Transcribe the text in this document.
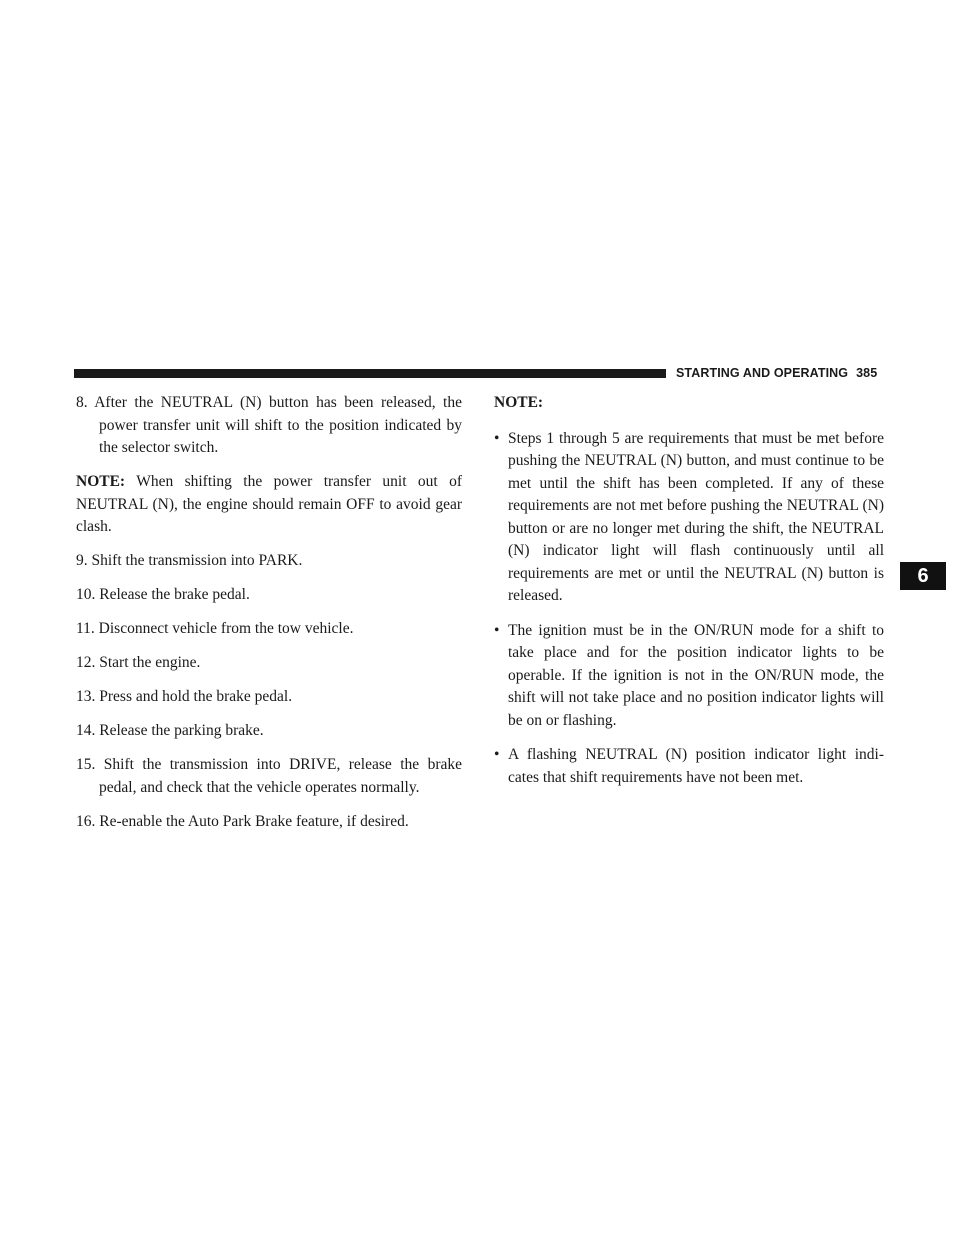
STARTING AND OPERATING 385
6

8. After the NEUTRAL (N) button has been released, the power transfer unit will shift to the position indicated by the selector switch.

NOTE: When shifting the power transfer unit out of NEUTRAL (N), the engine should remain OFF to avoid gear clash.

9. Shift the transmission into PARK.

10. Release the brake pedal.

11. Disconnect vehicle from the tow vehicle.

12. Start the engine.

13. Press and hold the brake pedal.

14. Release the parking brake.

15. Shift the transmission into DRIVE, release the brake pedal, and check that the vehicle operates normally.

16. Re-enable the Auto Park Brake feature, if desired.

NOTE:

• Steps 1 through 5 are requirements that must be met before pushing the NEUTRAL (N) button, and must continue to be met until the shift has been completed. If any of these requirements are not met before pushing the NEUTRAL (N) button or are no longer met during the shift, the NEUTRAL (N) indicator light will flash continuously until all requirements are met or until the NEUTRAL (N) button is released.

• The ignition must be in the ON/RUN mode for a shift to take place and for the position indicator lights to be operable. If the ignition is not in the ON/RUN mode, the shift will not take place and no position indicator lights will be on or flashing.

• A flashing NEUTRAL (N) position indicator light indi- cates that shift requirements have not been met.
